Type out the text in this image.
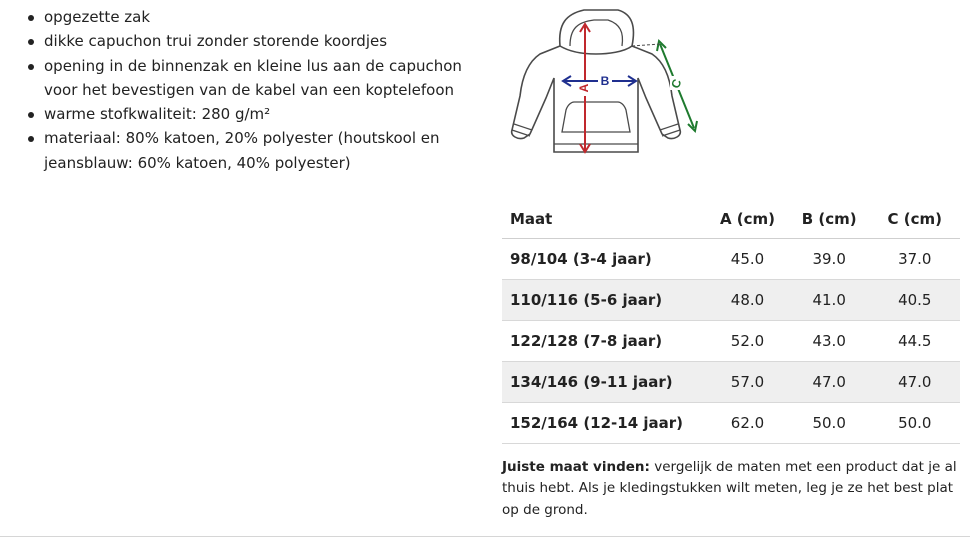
opgezette zak
dikke capuchon trui zonder storende koordjes
opening in de binnenzak en kleine lus aan de capuchon voor het bevestigen van de kabel van een koptelefoon
warme stofkwaliteit: 280 g/m²
materiaal: 80% katoen, 20% polyester (houtskool en jeansblauw: 60% katoen, 40% polyester)
A B	C
Maat	A (cm)	B (cm)	C (cm)
98/104 (3-4 jaar)	45.0	39.0	37.0
110/116 (5-6 jaar)	48.0	41.0	40.5
122/128 (7-8 jaar)	52.0	43.0	44.5
134/146 (9-11 jaar)	57.0	47.0	47.0
152/164 (12-14 jaar)	62.0	50.0	50.0

Juiste maat vinden: vergelijk de maten met een product dat je al thuis hebt. Als je kledingstukken wilt meten, leg je ze het best plat op de grond.
